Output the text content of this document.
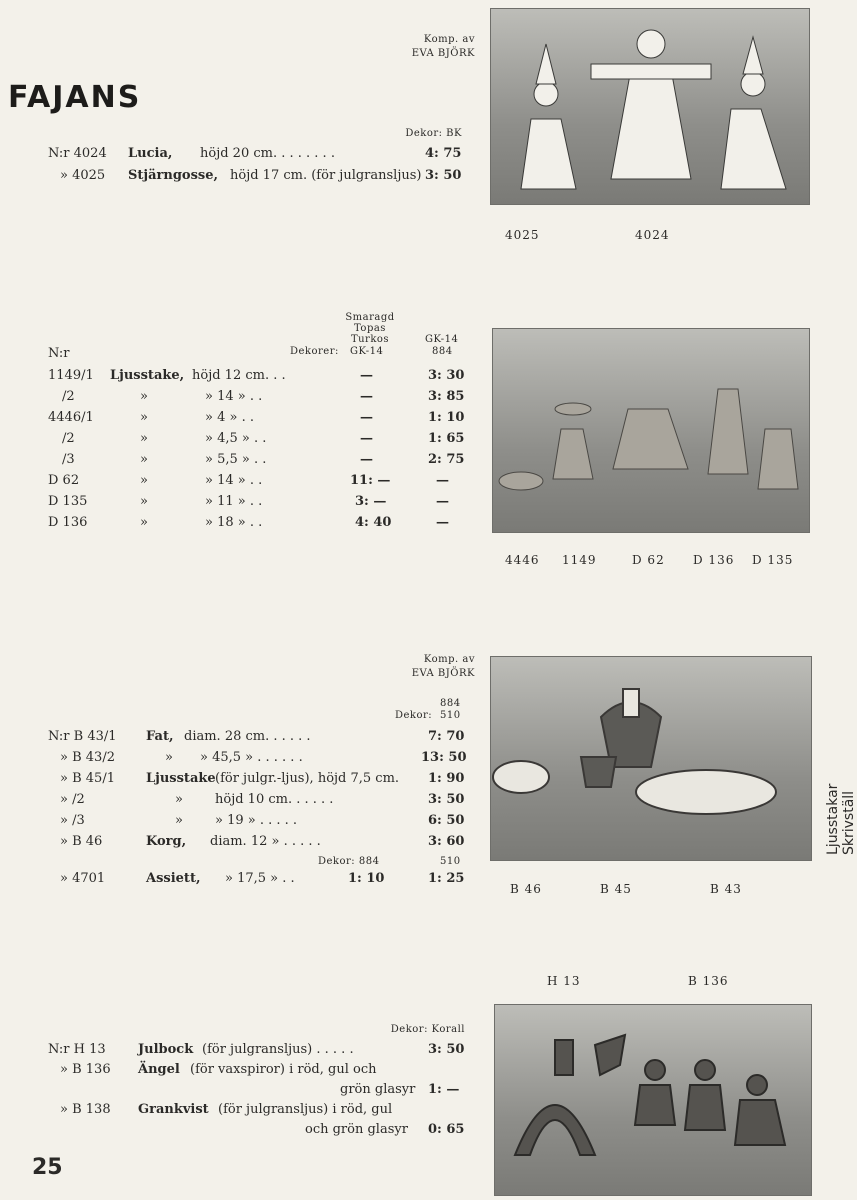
FAJANS
Komp. av
EVA BJÖRK
Dekor: BK
N:r 4024 Lucia, höjd 20 cm. . . . . . . .	4: 75
» 4025 Stjärngosse, höjd 17 cm. (för julgransljus) 3: 50
4025	4024
Smaragd
Topas
Turkos
Dekorer: GK-14
GK-14
884
N:r
1149/1 Ljusstake, höjd 12 cm. . .	—	3: 30
/2	»	» 14 » . .	—	3: 85
4446/1	»	» 4 » . .	—	1: 10
/2	»	» 4,5 » . .	—	1: 65
/3	»	» 5,5 » . .	—	2: 75
D 62	»	» 14 » . .	11: —	—
D 135	»	» 11 » . .	3: —	—
D 136	»	» 18 » . .	4: 40	—
4446 1149	D 62 D 136 D 135
Komp. av
EVA BJÖRK
884
Dekor: 510
N:r B 43/1 Fat, diam. 28 cm. . . . . .	7: 70
» B 43/2	» » 45,5 » . . . . . .	13: 50
» B 45/1 Ljusstake (för julgr.-ljus), höjd 7,5 cm. 1: 90
» /2	» höjd 10 cm. . . . . .	3: 50
» /3	» » 19 » . . . . .	6: 50
» B 46	Korg, diam. 12 » . . . . .	3: 60
Dekor: 884	510
» 4701	Assiett, » 17,5 » . .	1: 10	1: 25
B 46	B 45	B 43
Ljusstakar Skrivställ
H 13	B 136
Dekor: Korall
N:r H 13 Julbock (för julgransljus) . . . . .	3: 50
» B 136 Ängel (för vaxspiror) i röd, gul och
grön glasyr 1: —
» B 138 Grankvist (för julgransljus) i röd, gul
och grön glasyr 0: 65
25
